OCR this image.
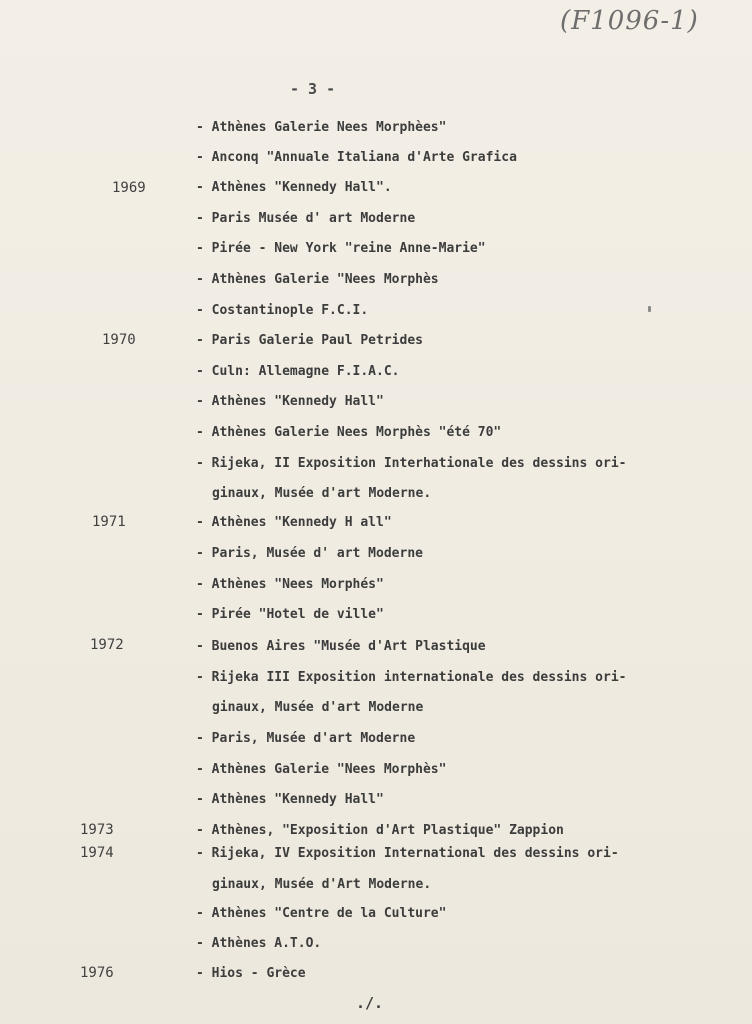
(F1096-1)
- 3 -
1969
1970
1971
1972
1973
1974
1976
- Athènes Galerie Nees Morphèes"
- Anconq "Annuale Italiana d'Arte Grafica
- Athènes "Kennedy Hall".
- Paris Musée d' art Moderne
- Pirée - New York "reine Anne-Marie"
- Athènes Galerie "Nees Morphès
- Costantinople F.C.I.
- Paris Galerie Paul Petrides
- Culn: Allemagne F.I.A.C.
- Athènes "Kennedy Hall"
- Athènes Galerie Nees Morphès "été 70"
- Rijeka, II Exposition Interhationale des dessins ori-
ginaux, Musée d'art Moderne.
- Athènes "Kennedy H all"
- Paris, Musée d' art Moderne
- Athènes "Nees Morphés"
- Pirée "Hotel de ville"
- Buenos Aires "Musée d'Art Plastique
- Rijeka III Exposition internationale des dessins ori-
ginaux, Musée d'art Moderne
- Paris, Musée d'art Moderne
- Athènes Galerie "Nees Morphès"
- Athènes "Kennedy Hall"
- Athènes, "Exposition d'Art Plastique" Zappion
- Rijeka, IV Exposition International des dessins ori-
ginaux, Musée d'Art Moderne.
- Athènes "Centre de la Culture"
- Athènes A.T.O.
- Hios - Grèce
./.
